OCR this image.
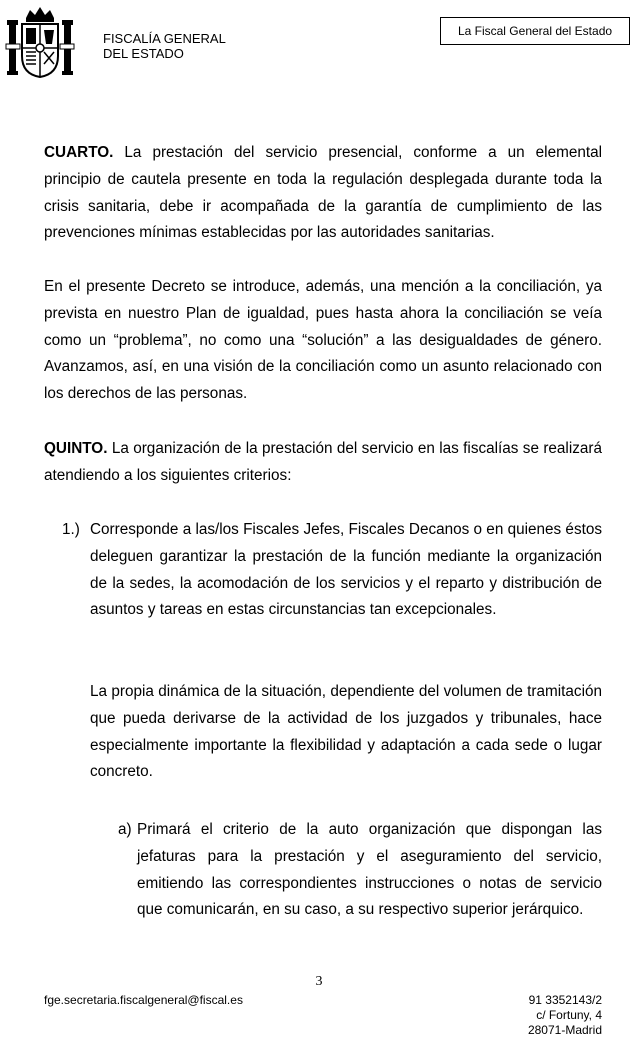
FISCALÍA GENERAL
DEL ESTADO
La Fiscal General del Estado

CUARTO. La prestación del servicio presencial, conforme a un elemental principio de cautela presente en toda la regulación desplegada durante toda la crisis sanitaria, debe ir acompañada de la garantía de cumplimiento de las prevenciones mínimas establecidas por las autoridades sanitarias.

En el presente Decreto se introduce, además, una mención a la conciliación, ya prevista en nuestro Plan de igualdad, pues hasta ahora la conciliación se veía como un “problema”, no como una “solución” a las desigualdades de género. Avanzamos, así, en una visión de la conciliación como un asunto relacionado con los derechos de las personas.

QUINTO. La organización de la prestación del servicio en las fiscalías se realizará atendiendo a los siguientes criterios:

1.) Corresponde a las/los Fiscales Jefes, Fiscales Decanos o en quienes éstos deleguen garantizar la prestación de la función mediante la organización de la sedes, la acomodación de los servicios y el reparto y distribución de asuntos y tareas en estas circunstancias tan excepcionales.
La propia dinámica de la situación, dependiente del volumen de tramitación que pueda derivarse de la actividad de los juzgados y tribunales, hace especialmente importante la flexibilidad y adaptación a cada sede o lugar concreto.
a) Primará el criterio de la auto organización que dispongan las jefaturas para la prestación y el aseguramiento del servicio, emitiendo las correspondientes instrucciones o notas de servicio que comunicarán, en su caso, a su respectivo superior jerárquico.
3
fge.secretaria.fiscalgeneral@fiscal.es	91 3352143/2
c/ Fortuny, 4
28071-Madrid
